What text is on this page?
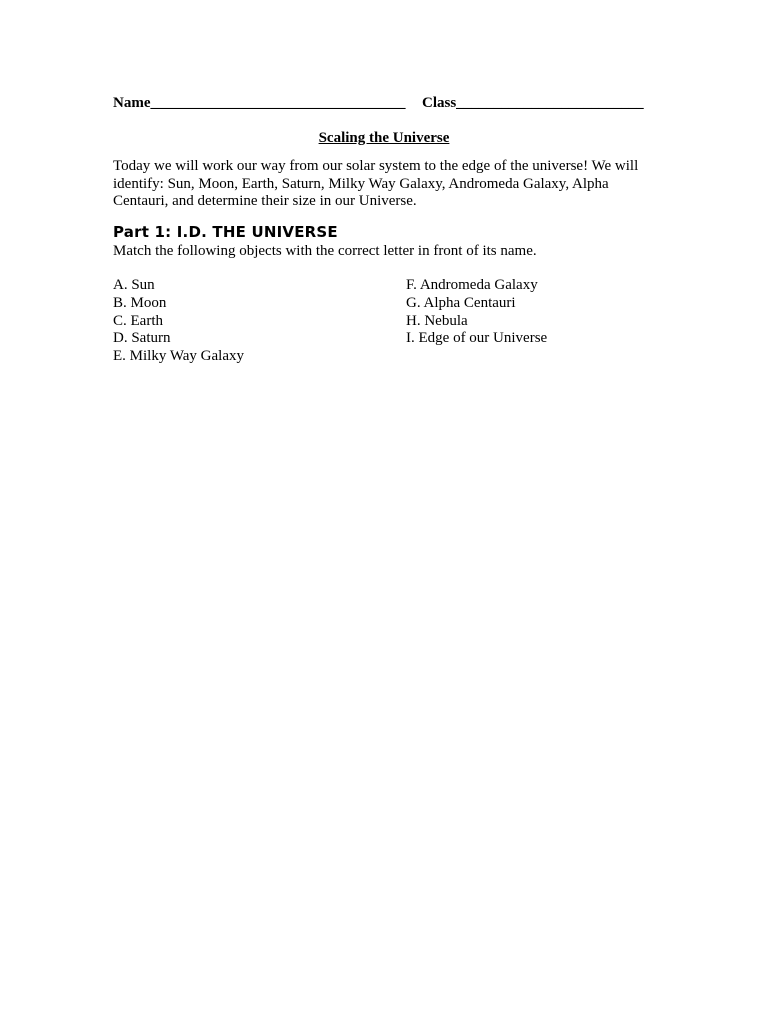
Name__________________________________ Class_________________________
Scaling the Universe
Today we will work our way from our solar system to the edge of the universe! We will identify: Sun, Moon, Earth, Saturn, Milky Way Galaxy, Andromeda Galaxy, Alpha Centauri, and determine their size in our Universe.
Part 1: I.D. THE UNIVERSE
Match the following objects with the correct letter in front of its name.
A. Sun
B. Moon
C. Earth
D. Saturn
E. Milky Way Galaxy
F. Andromeda Galaxy
G. Alpha Centauri
H. Nebula
I. Edge of our Universe
